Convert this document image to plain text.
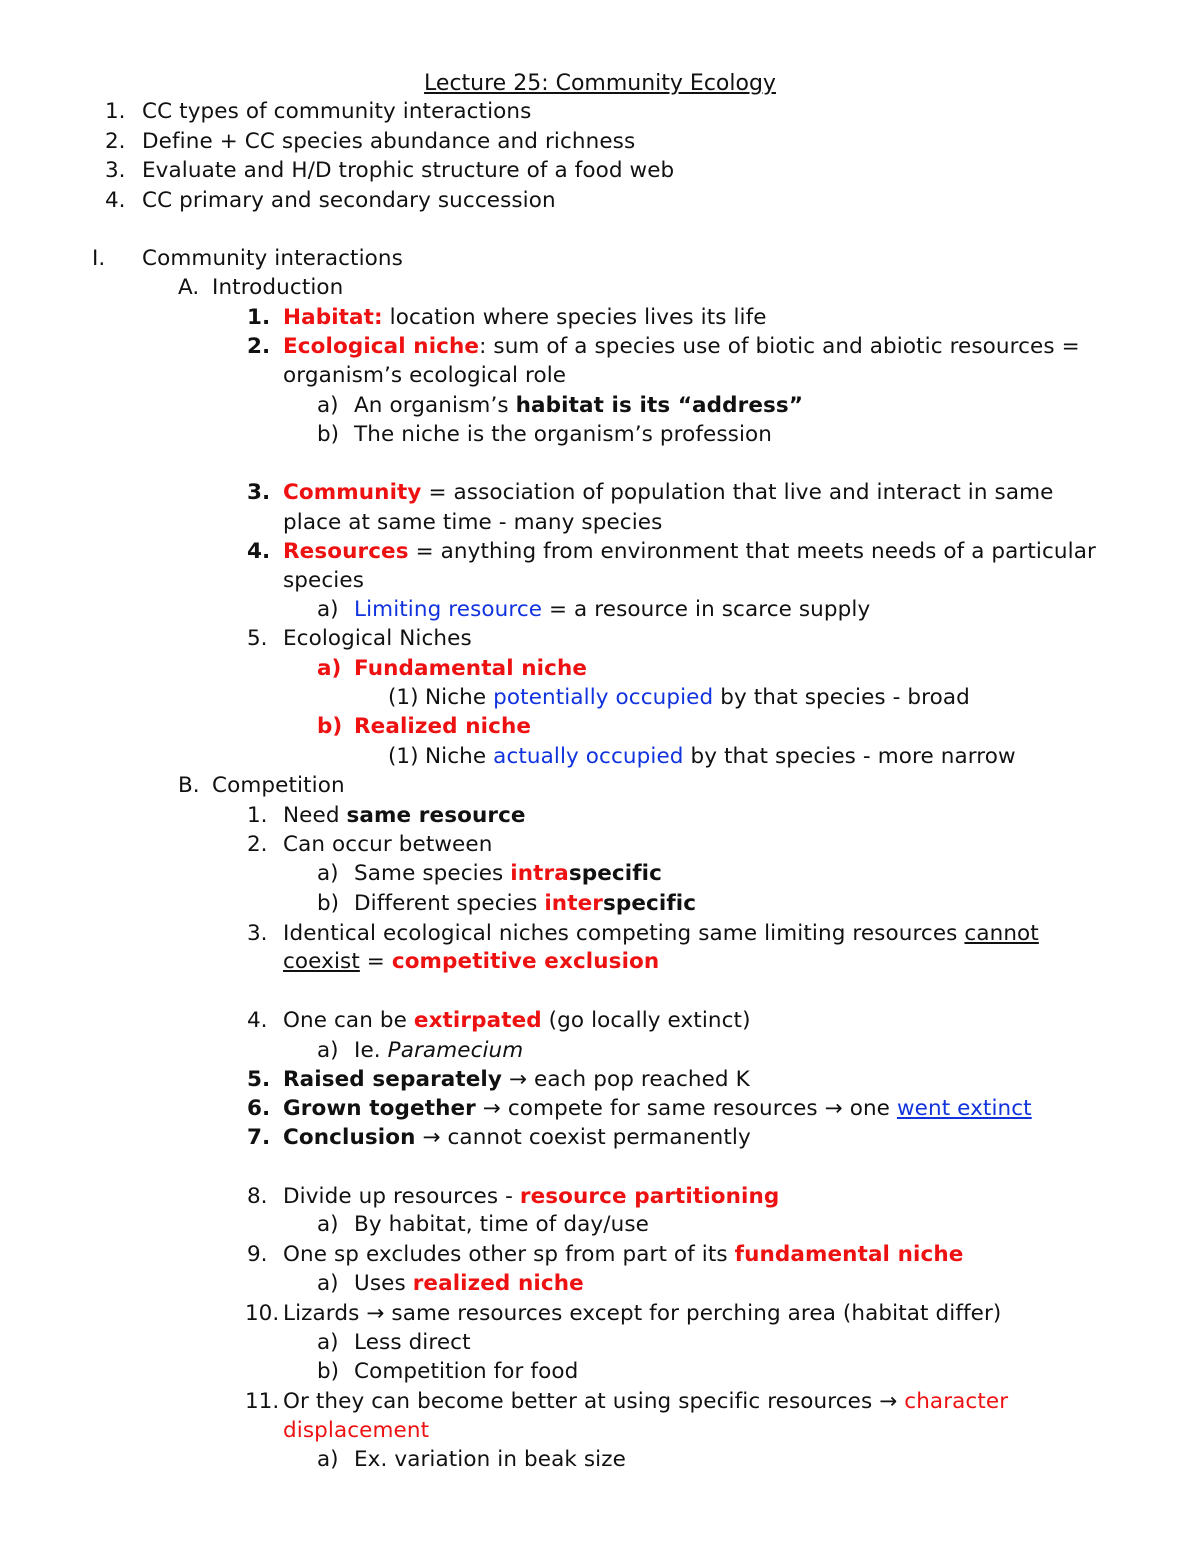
Lecture 25: Community Ecology
1. CC types of community interactions
2. Define + CC species abundance and richness
3. Evaluate and H/D trophic structure of a food web
4. CC primary and secondary succession
I. Community interactions
A. Introduction
1. Habitat: location where species lives its life
2. Ecological niche: sum of a species use of biotic and abiotic resources =
organism’s ecological role
a) An organism’s habitat is its “address”
b) The niche is the organism’s profession
3. Community = association of population that live and interact in same
place at same time - many species
4. Resources = anything from environment that meets needs of a particular
species
a) Limiting resource = a resource in scarce supply
5. Ecological Niches
a) Fundamental niche
(1) Niche potentially occupied by that species - broad
b) Realized niche
(1) Niche actually occupied by that species - more narrow
B. Competition
1. Need same resource
2. Can occur between
a) Same species intraspecific
b) Different species interspecific
3. Identical ecological niches competing same limiting resources cannot
coexist = competitive exclusion
4. One can be extirpated (go locally extinct)
a) Ie. Paramecium
5. Raised separately → each pop reached K
6. Grown together → compete for same resources → one went extinct
7. Conclusion → cannot coexist permanently
8. Divide up resources - resource partitioning
a) By habitat, time of day/use
9. One sp excludes other sp from part of its fundamental niche
a) Uses realized niche
10. Lizards → same resources except for perching area (habitat differ)
a) Less direct
b) Competition for food
11. Or they can become better at using specific resources → character
displacement
a) Ex. variation in beak size
